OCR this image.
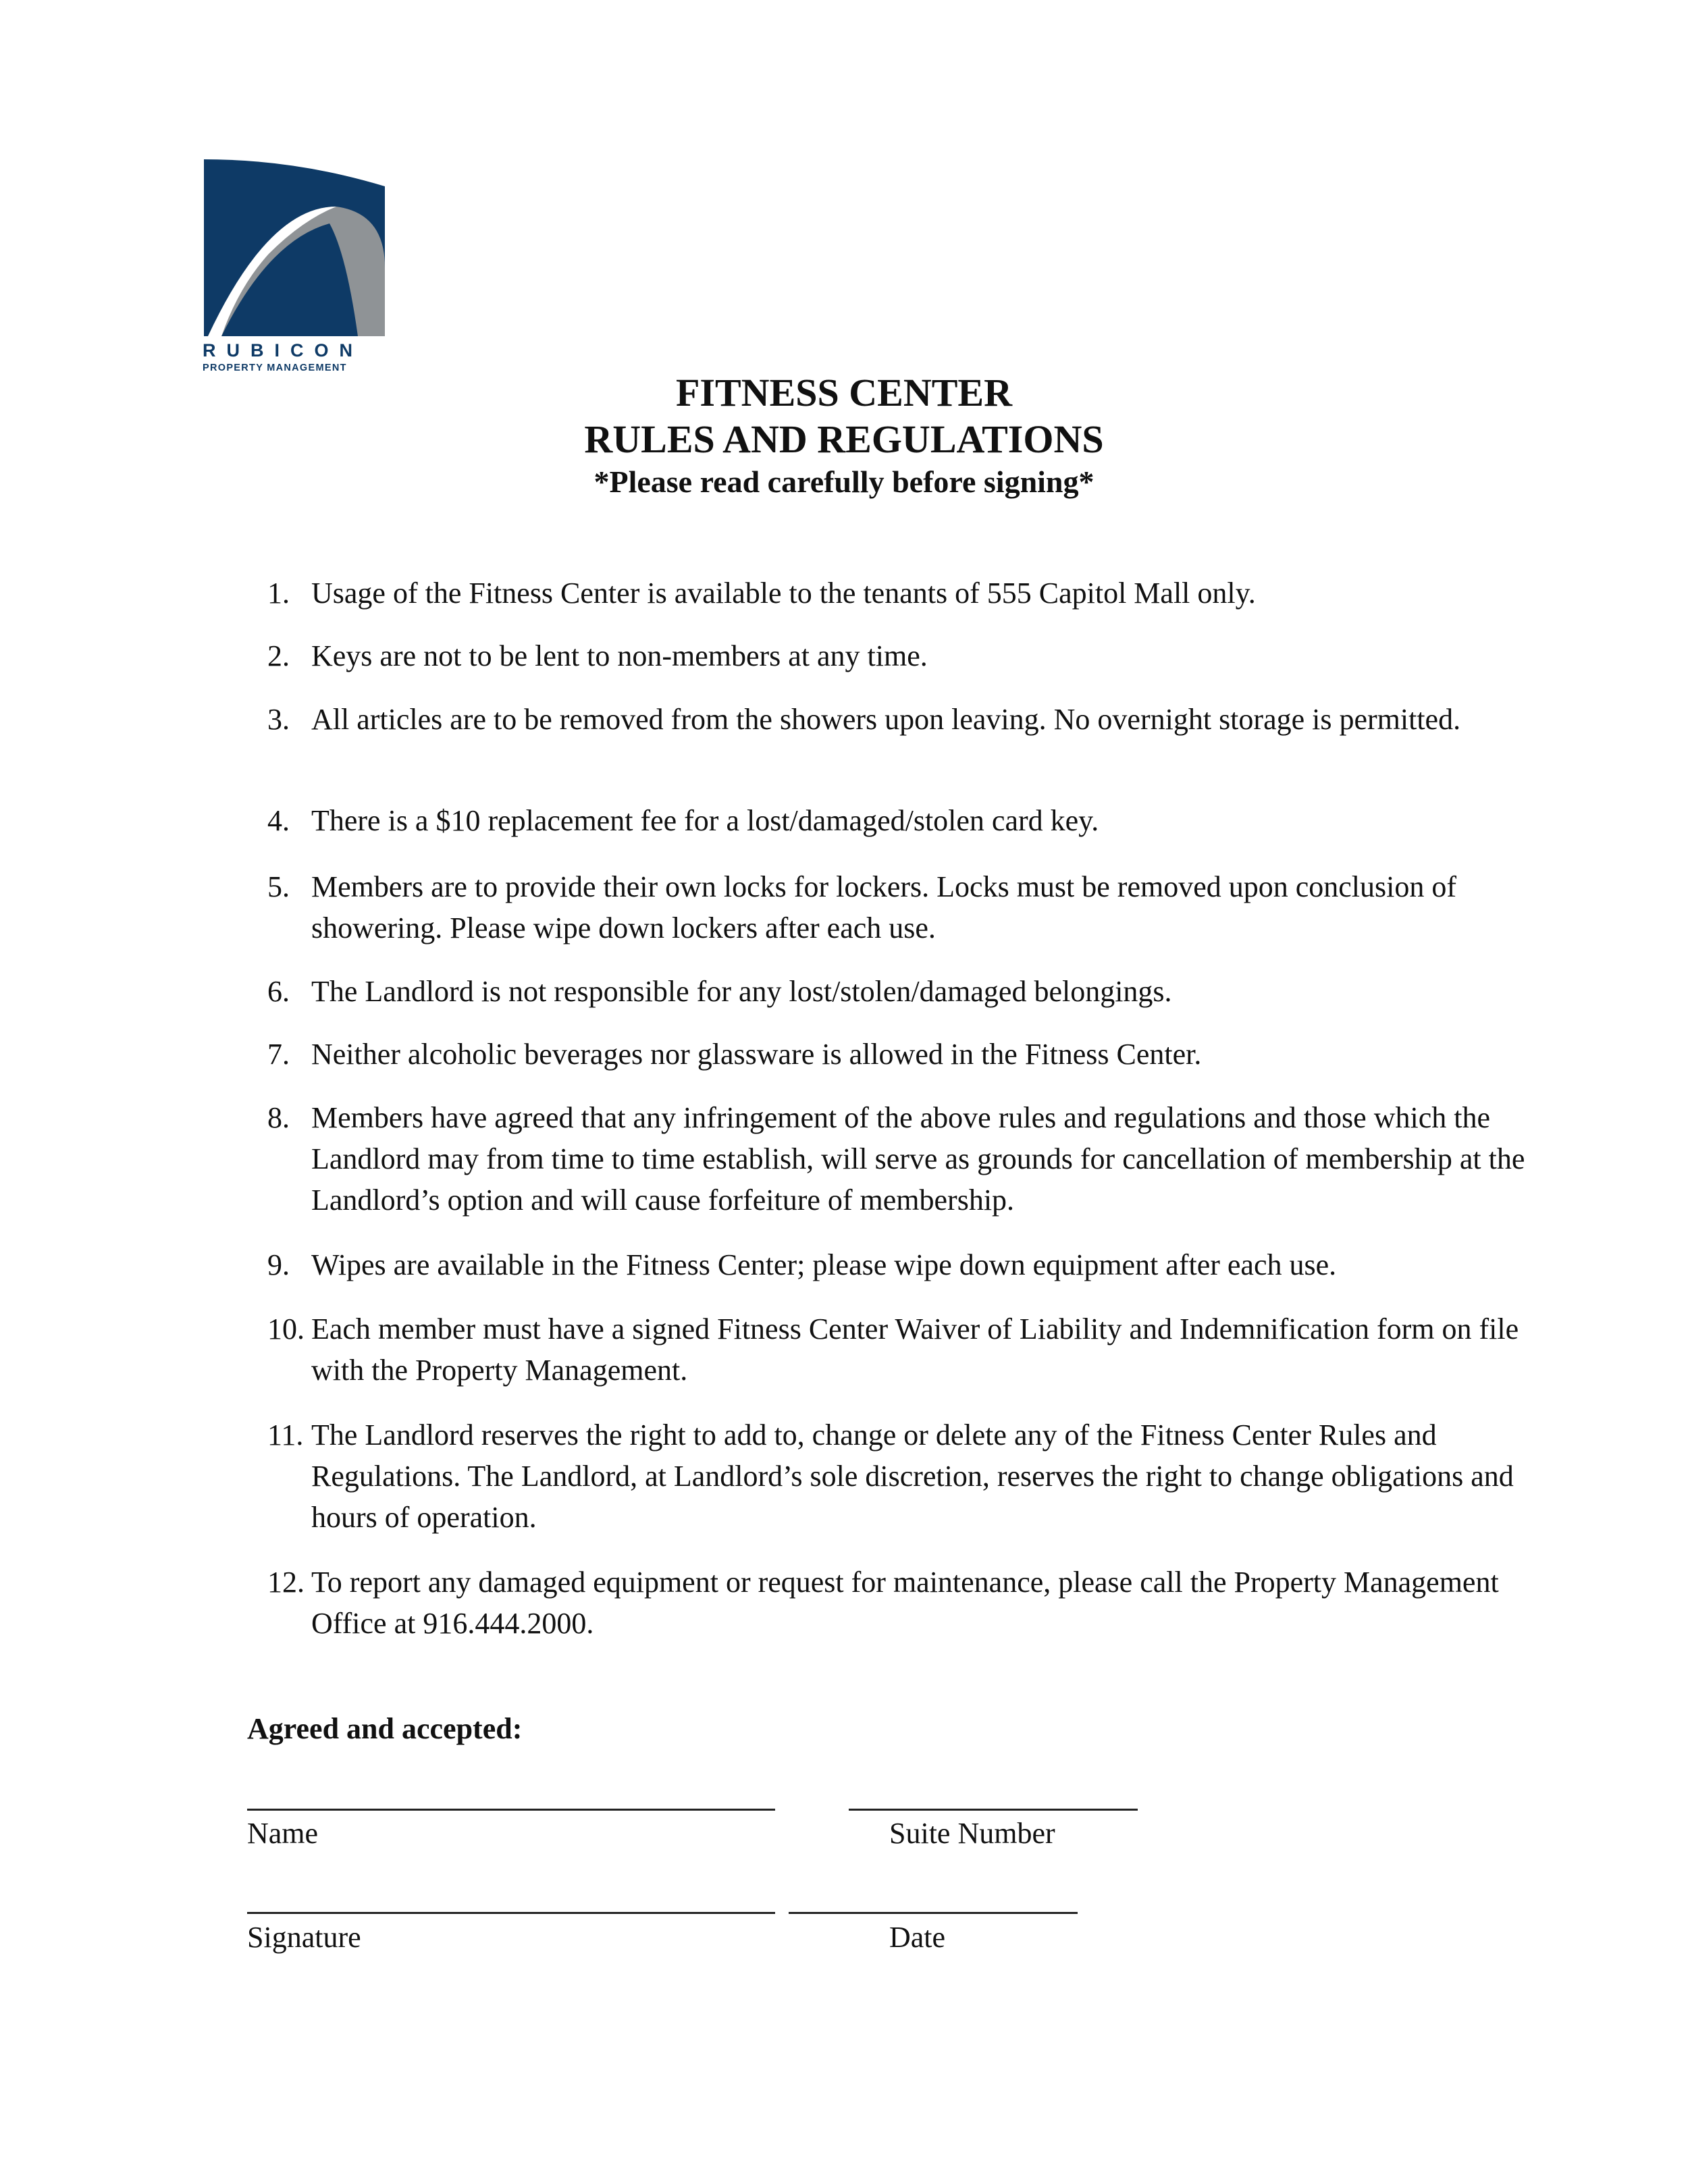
RUBICON
PROPERTY MANAGEMENT
FITNESS CENTER
RULES AND REGULATIONS
*Please read carefully before signing*
1. Usage of the Fitness Center is available to the tenants of 555 Capitol Mall only.
2. Keys are not to be lent to non-members at any time.
3. All articles are to be removed from the showers upon leaving. No overnight storage is permitted.
4. There is a $10 replacement fee for a lost/damaged/stolen card key.
5. Members are to provide their own locks for lockers. Locks must be removed upon conclusion of showering. Please wipe down lockers after each use.
6. The Landlord is not responsible for any lost/stolen/damaged belongings.
7. Neither alcoholic beverages nor glassware is allowed in the Fitness Center.
8. Members have agreed that any infringement of the above rules and regulations and those which the Landlord may from time to time establish, will serve as grounds for cancellation of membership at the Landlord’s option and will cause forfeiture of membership.
9. Wipes are available in the Fitness Center; please wipe down equipment after each use.
10. Each member must have a signed Fitness Center Waiver of Liability and Indemnification form on file with the Property Management.
11. The Landlord reserves the right to add to, change or delete any of the Fitness Center Rules and Regulations. The Landlord, at Landlord’s sole discretion, reserves the right to change obligations and hours of operation.
12. To report any damaged equipment or request for maintenance, please call the Property Management Office at 916.444.2000.
Agreed and accepted:
Name	Suite Number
Signature	Date
